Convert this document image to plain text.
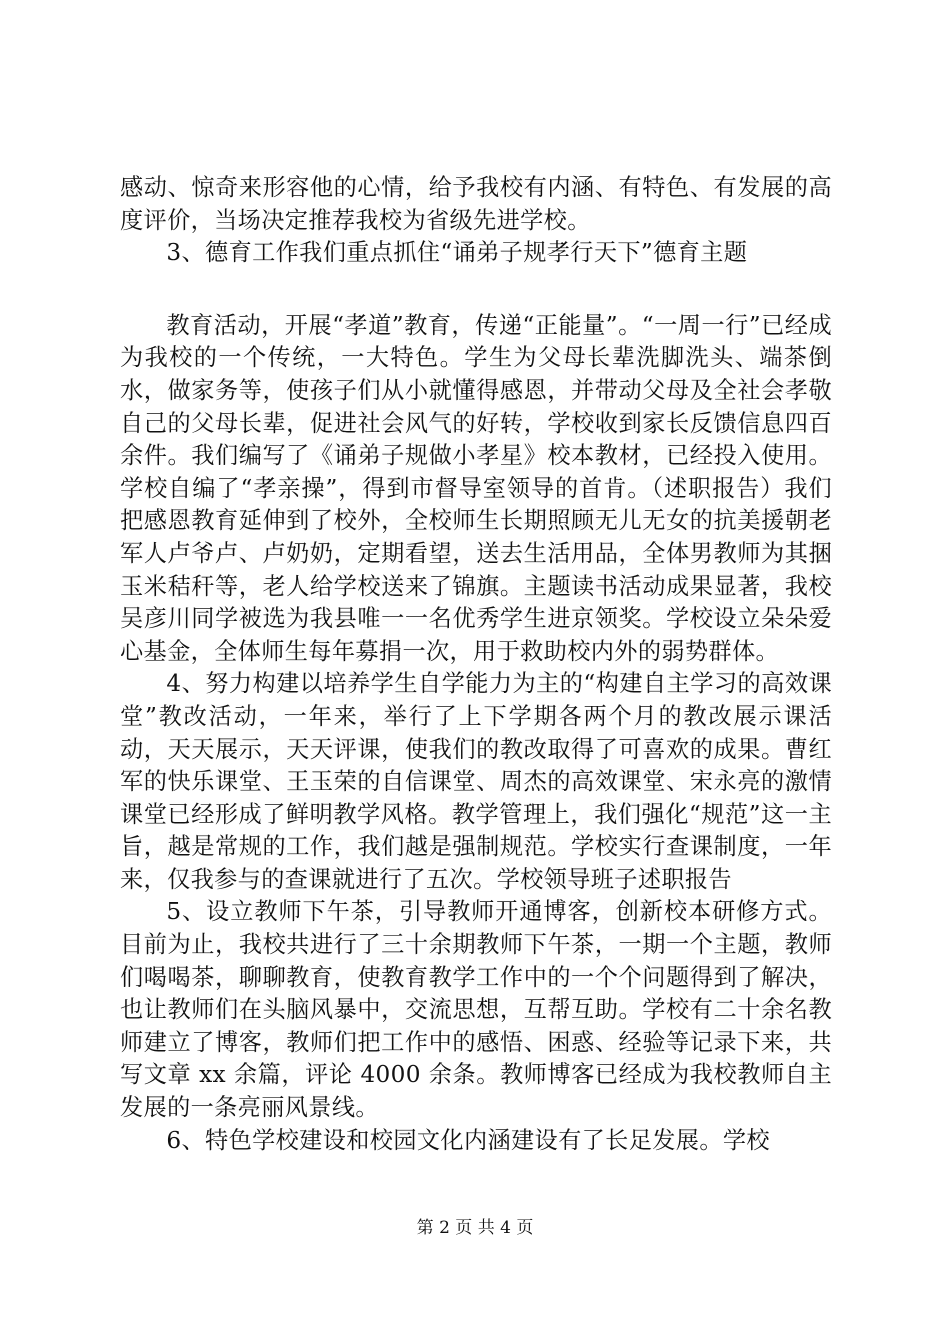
感动、惊奇来形容他的心情，给予我校有内涵、有特色、有发展的高度评价，当场决定推荐我校为省级先进学校。

3、德育工作我们重点抓住“诵弟子规孝行天下”德育主题

教育活动，开展“孝道”教育，传递“正能量”。“一周一行”已经成为我校的一个传统，一大特色。学生为父母长辈洗脚洗头、端茶倒水，做家务等，使孩子们从小就懂得感恩，并带动父母及全社会孝敬自己的父母长辈，促进社会风气的好转，学校收到家长反馈信息四百余件。我们编写了《诵弟子规做小孝星》校本教材，已经投入使用。学校自编了“孝亲操”，得到市督导室领导的首肯。（述职报告）我们把感恩教育延伸到了校外，全校师生长期照顾无儿无女的抗美援朝老军人卢爷卢、卢奶奶，定期看望，送去生活用品，全体男教师为其捆玉米秸秆等，老人给学校送来了锦旗。主题读书活动成果显著，我校吴彦川同学被选为我县唯一一名优秀学生进京领奖。学校设立朵朵爱心基金，全体师生每年募捐一次，用于救助校内外的弱势群体。

4、努力构建以培养学生自学能力为主的“构建自主学习的高效课堂”教改活动，一年来，举行了上下学期各两个月的教改展示课活动，天天展示，天天评课，使我们的教改取得了可喜欢的成果。曹红军的快乐课堂、王玉荣的自信课堂、周杰的高效课堂、宋永亮的激情课堂已经形成了鲜明教学风格。教学管理上，我们强化“规范”这一主旨，越是常规的工作，我们越是强制规范。学校实行查课制度，一年来，仅我参与的查课就进行了五次。学校领导班子述职报告

5、设立教师下午茶，引导教师开通博客，创新校本研修方式。目前为止，我校共进行了三十余期教师下午茶，一期一个主题，教师们喝喝茶，聊聊教育，使教育教学工作中的一个个问题得到了解决，也让教师们在头脑风暴中，交流思想，互帮互助。学校有二十余名教师建立了博客，教师们把工作中的感悟、困惑、经验等记录下来，共写文章 xx 余篇，评论 4000 余条。教师博客已经成为我校教师自主发展的一条亮丽风景线。

6、特色学校建设和校园文化内涵建设有了长足发展。学校

第 2 页 共 4 页
